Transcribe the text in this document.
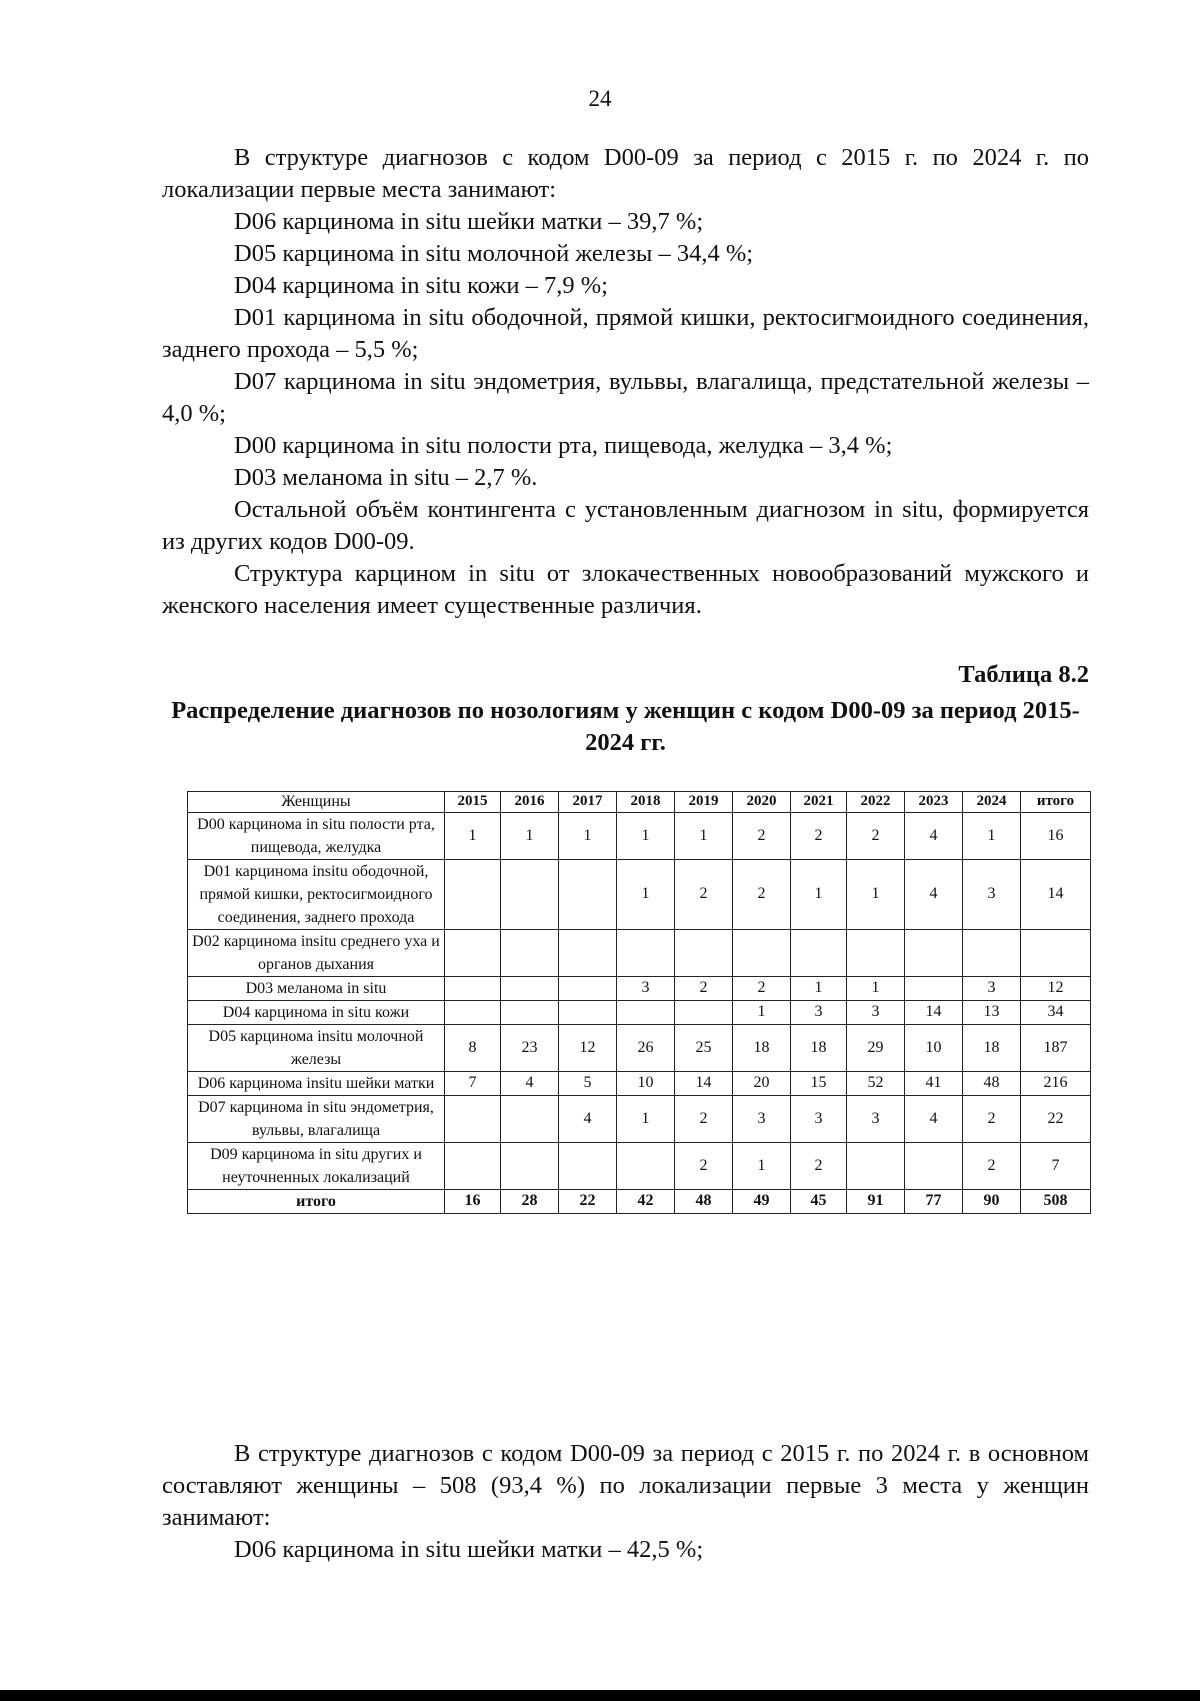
24

В структуре диагнозов с кодом D00-09 за период с 2015 г. по 2024 г. по локализации первые места занимают:

D06 карцинома in situ шейки матки – 39,7 %;

D05 карцинома in situ молочной железы – 34,4 %;

D04 карцинома in situ кожи – 7,9 %;

D01 карцинома in situ ободочной, прямой кишки, ректосигмоидного соединения, заднего прохода – 5,5 %;

D07 карцинома in situ эндометрия, вульвы, влагалища, предстательной железы – 4,0 %;

D00 карцинома in situ полости рта, пищевода, желудка – 3,4 %;

D03 меланома in situ – 2,7 %.

Остальной объём контингента с установленным диагнозом in situ, формируется из других кодов D00-09.

Структура карцином in situ от злокачественных новообразований мужского и женского населения имеет существенные различия.

Таблица 8.2
Распределение диагнозов по нозологиям у женщин с кодом D00-09 за период 2015-2024 гг.
Женщины	2015	2016	2017	2018	2019	2020	2021	2022	2023	2024	итого
D00 карцинома in situ полости рта, пищевода, желудка	1	1	1	1	1	2	2	2	4	1	16
D01 карцинома insitu ободочной, прямой кишки, ректосигмоидного соединения, заднего прохода				1	2	2	1	1	4	3	14
D02 карцинома insitu среднего уха и органов дыхания											
D03 меланома in situ				3	2	2	1	1		3	12
D04 карцинома in situ кожи						1	3	3	14	13	34
D05 карцинома insitu молочной железы	8	23	12	26	25	18	18	29	10	18	187
D06 карцинома insitu шейки матки	7	4	5	10	14	20	15	52	41	48	216
D07 карцинома in situ эндометрия, вульвы, влагалища			4	1	2	3	3	3	4	2	22
D09 карцинома in situ других и неуточненных локализаций					2	1	2			2	7
итого	16	28	22	42	48	49	45	91	77	90	508

В структуре диагнозов с кодом D00-09 за период с 2015 г. по 2024 г. в основном составляют женщины – 508 (93,4 %) по локализации первые 3 места у женщин занимают:

D06 карцинома in situ шейки матки – 42,5 %;
